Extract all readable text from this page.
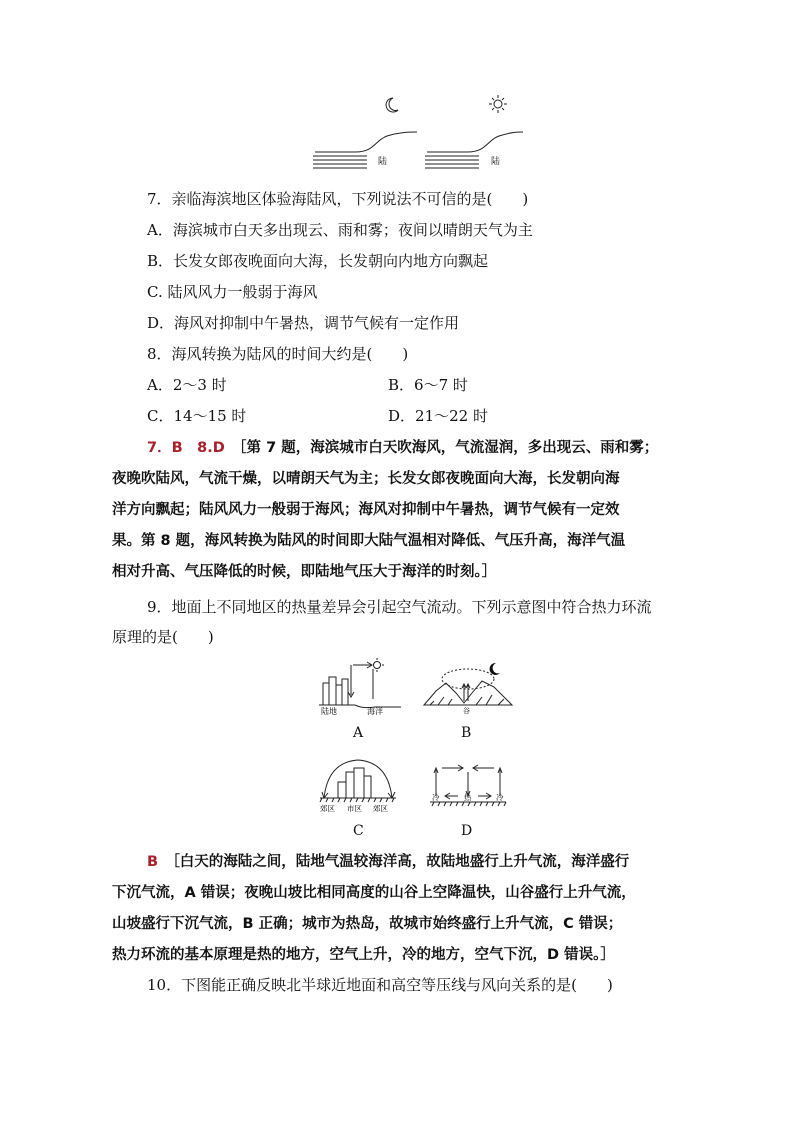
陆	陆
7．亲临海滨地区体验海陆风，下列说法不可信的是(　　)
A．海滨城市白天多出现云、雨和雾；夜间以晴朗天气为主
B．长发女郎夜晚面向大海，长发朝向内地方向飘起
C. 陆风风力一般弱于海风
D．海风对抑制中午暑热，调节气候有一定作用
8．海风转换为陆风的时间大约是(　　)
A．2～3 时	B．6～7 时
C．14～15 时	D．21～22 时
7．B　8.D　 ［第 7 题，海滨城市白天吹海风，气流湿润，多出现云、雨和雾；
夜晚吹陆风，气流干燥，以晴朗天气为主；长发女郎夜晚面向大海，长发朝向海
洋方向飘起；陆风风力一般弱于海风；海风对抑制中午暑热，调节气候有一定效
果。第 8 题，海风转换为陆风的时间即大陆气温相对降低、气压升高，海洋气温
相对升高、气压降低的时候，即陆地气压大于海洋的时刻。］
9．地面上不同地区的热量差异会引起空气流动。下列示意图中符合热力环流
原理的是(　　)
陆地	海洋
A
谷
B
郊区 市区 郊区
C
冷	热	冷
D
B　 ［白天的海陆之间，陆地气温较海洋高，故陆地盛行上升气流，海洋盛行
下沉气流，A 错误；夜晚山坡比相同高度的山谷上空降温快，山谷盛行上升气流，
山坡盛行下沉气流，B 正确；城市为热岛，故城市始终盛行上升气流，C 错误；
热力环流的基本原理是热的地方，空气上升，冷的地方，空气下沉，D 错误。］
10．下图能正确反映北半球近地面和高空等压线与风向关系的是(　　)
